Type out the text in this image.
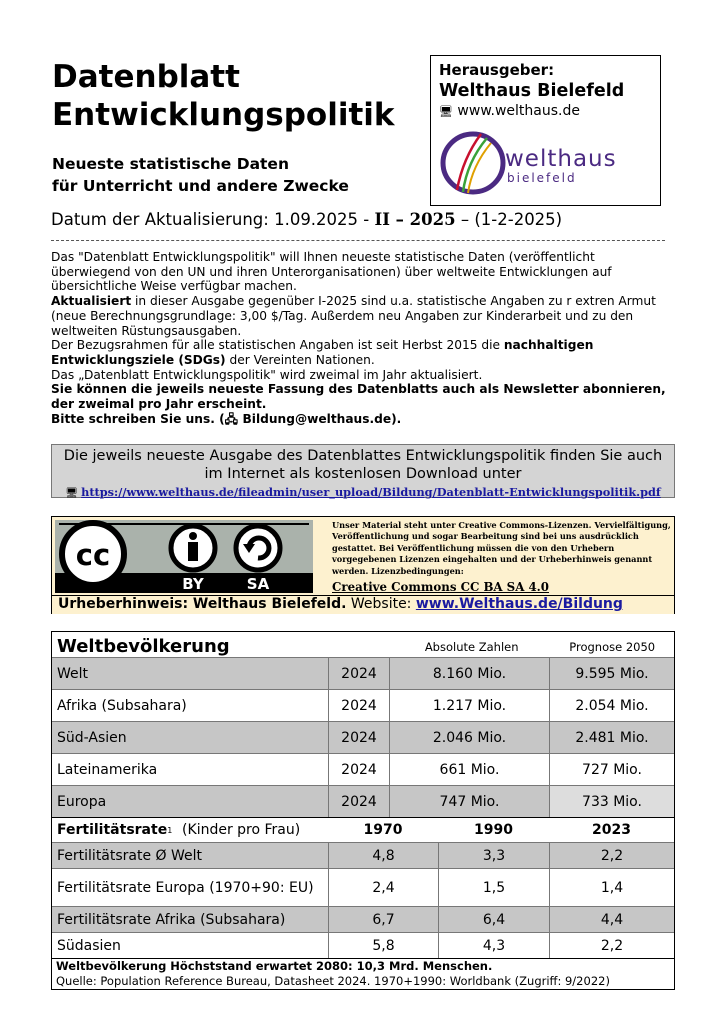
Datenblatt
Entwicklungspolitik
Neueste statistische Daten
für Unterricht und andere Zwecke
Herausgeber:
Welthaus Bielefeld
🖥 www.welthaus.de
welthaus
bielefeld
Datum der Aktualisierung: 1.09.2025 - II – 2025 – (1-2-2025)
Das "Datenblatt Entwicklungspolitik" will Ihnen neueste statistische Daten (veröffentlicht überwiegend von den UN und ihren Unterorganisationen) über weltweite Entwicklungen auf übersichtliche Weise verfügbar machen.
Aktualisiert in dieser Ausgabe gegenüber I-2025 sind u.a. statistische Angaben zu r extren Armut (neue Berechnungsgrundlage: 3,00 $/Tag. Außerdem neu Angaben zur Kinderarbeit und zu den weltweiten Rüstungsausgaben.
Der Bezugsrahmen für alle statistischen Angaben ist seit Herbst 2015 die nachhaltigen Entwicklungsziele (SDGs) der Vereinten Nationen.
Das „Datenblatt Entwicklungspolitik" wird zweimal im Jahr aktualisiert.
Sie können die jeweils neueste Fassung des Datenblatts auch als Newsletter abonnieren, der zweimal pro Jahr erscheint.
Bitte schreiben Sie uns. (🖧 Bildung@welthaus.de).
Die jeweils neueste Ausgabe des Datenblattes Entwicklungspolitik finden Sie auch
im Internet als kostenlosen Download unter
🖥 https://www.welthaus.de/fileadmin/user_upload/Bildung/Datenblatt-Entwicklungspolitik.pdf
cc
BY	SA
Unser Material steht unter Creative Commons-Lizenzen. Vervielfältigung, Veröffentlichung und sogar Bearbeitung sind bei uns ausdrücklich gestattet. Bei Veröffentlichung müssen die von den Urhebern vorgegebenen Lizenzen eingehalten und der Urheberhinweis genannt werden. Lizenzbedingungen:
Creative Commons CC BA SA 4.0
Urheberhinweis: Welthaus Bielefeld. Website: www.Welthaus.de/Bildung
Weltbevölkerung	Absolute Zahlen	Prognose 2050
Welt	2024	8.160 Mio.	9.595 Mio.
Afrika (Subsahara)	2024	1.217 Mio.	2.054 Mio.
Süd-Asien	2024	2.046 Mio.	2.481 Mio.
Lateinamerika	2024	661 Mio.	727 Mio.
Europa	2024	747 Mio.	733 Mio.
Fertilitätsrate 1
(Kinder pro Frau)	1970	1990	2023
Fertilitätsrate Ø Welt	4,8	3,3	2,2
Fertilitätsrate Europa (1970+90: EU)	2,4	1,5	1,4
Fertilitätsrate Afrika (Subsahara)	6,7	6,4	4,4
Südasien	5,8	4,3	2,2
Weltbevölkerung Höchststand erwartet 2080: 10,3 Mrd. Menschen.
Quelle: Population Reference Bureau, Datasheet 2024. 1970+1990: Worldbank (Zugriff: 9/2022)
